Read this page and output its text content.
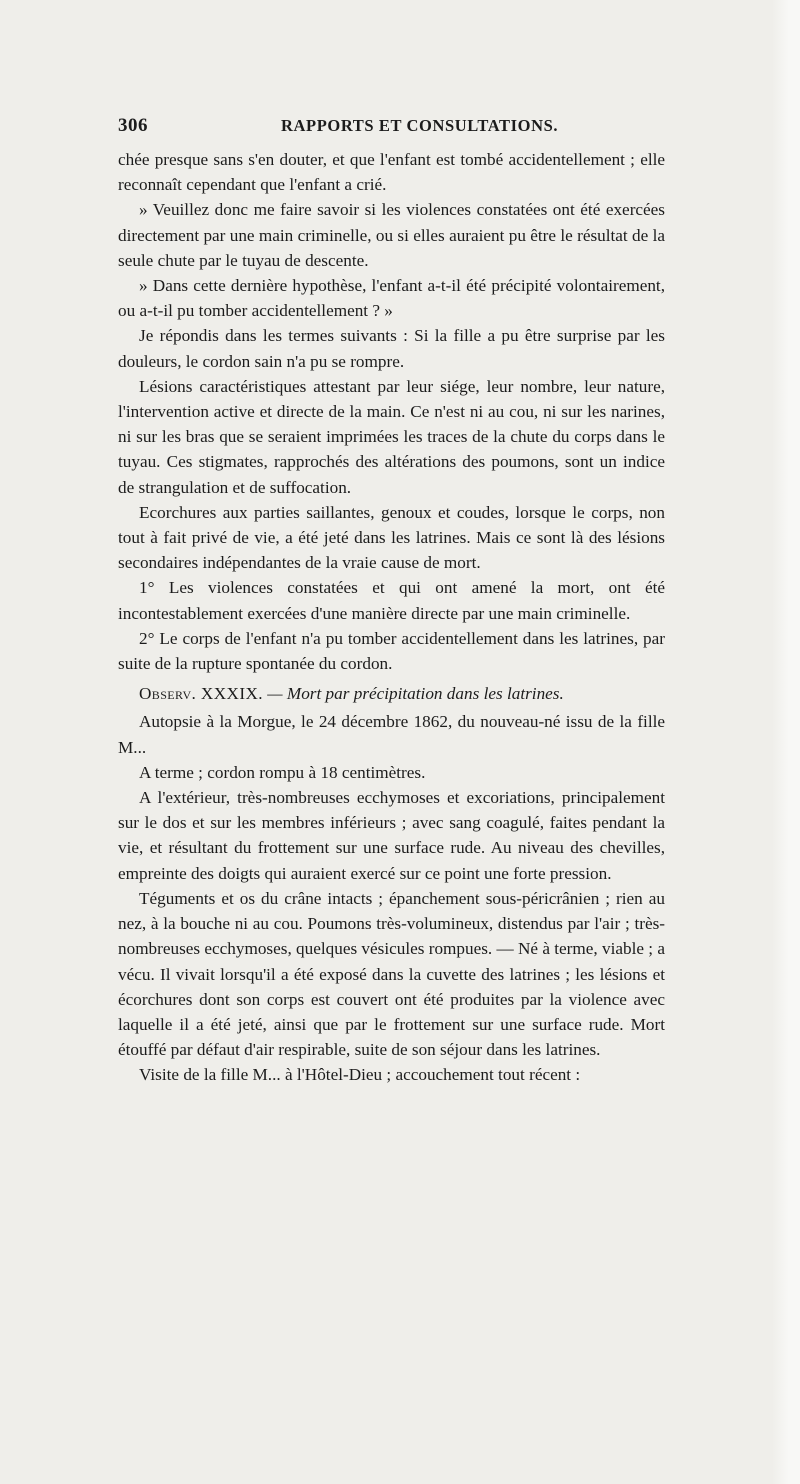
306	RAPPORTS ET CONSULTATIONS.

chée presque sans s'en douter, et que l'enfant est tombé accidentellement ; elle reconnaît cependant que l'enfant a crié.

» Veuillez donc me faire savoir si les violences constatées ont été exercées directement par une main criminelle, ou si elles auraient pu être le résultat de la seule chute par le tuyau de descente.

» Dans cette dernière hypothèse, l'enfant a-t-il été précipité volontairement, ou a-t-il pu tomber accidentellement ? »

Je répondis dans les termes suivants : Si la fille a pu être surprise par les douleurs, le cordon sain n'a pu se rompre.

Lésions caractéristiques attestant par leur siége, leur nombre, leur nature, l'intervention active et directe de la main. Ce n'est ni au cou, ni sur les narines, ni sur les bras que se seraient imprimées les traces de la chute du corps dans le tuyau. Ces stigmates, rapprochés des altérations des poumons, sont un indice de strangulation et de suffocation.

Ecorchures aux parties saillantes, genoux et coudes, lorsque le corps, non tout à fait privé de vie, a été jeté dans les latrines. Mais ce sont là des lésions secondaires indépendantes de la vraie cause de mort.

1° Les violences constatées et qui ont amené la mort, ont été incontestablement exercées d'une manière directe par une main criminelle.

2° Le corps de l'enfant n'a pu tomber accidentellement dans les latrines, par suite de la rupture spontanée du cordon.

Observ. XXXIX. — Mort par précipitation dans les latrines.

Autopsie à la Morgue, le 24 décembre 1862, du nouveau-né issu de la fille M...

A terme ; cordon rompu à 18 centimètres.

A l'extérieur, très-nombreuses ecchymoses et excoriations, principalement sur le dos et sur les membres inférieurs ; avec sang coagulé, faites pendant la vie, et résultant du frottement sur une surface rude. Au niveau des chevilles, empreinte des doigts qui auraient exercé sur ce point une forte pression.

Téguments et os du crâne intacts ; épanchement sous-péricrânien ; rien au nez, à la bouche ni au cou. Poumons très-volumineux, distendus par l'air ; très-nombreuses ecchymoses, quelques vésicules rompues. — Né à terme, viable ; a vécu. Il vivait lorsqu'il a été exposé dans la cuvette des latrines ; les lésions et écorchures dont son corps est couvert ont été produites par la violence avec laquelle il a été jeté, ainsi que par le frottement sur une surface rude. Mort étouffé par défaut d'air respirable, suite de son séjour dans les latrines.

Visite de la fille M... à l'Hôtel-Dieu ; accouchement tout récent :
